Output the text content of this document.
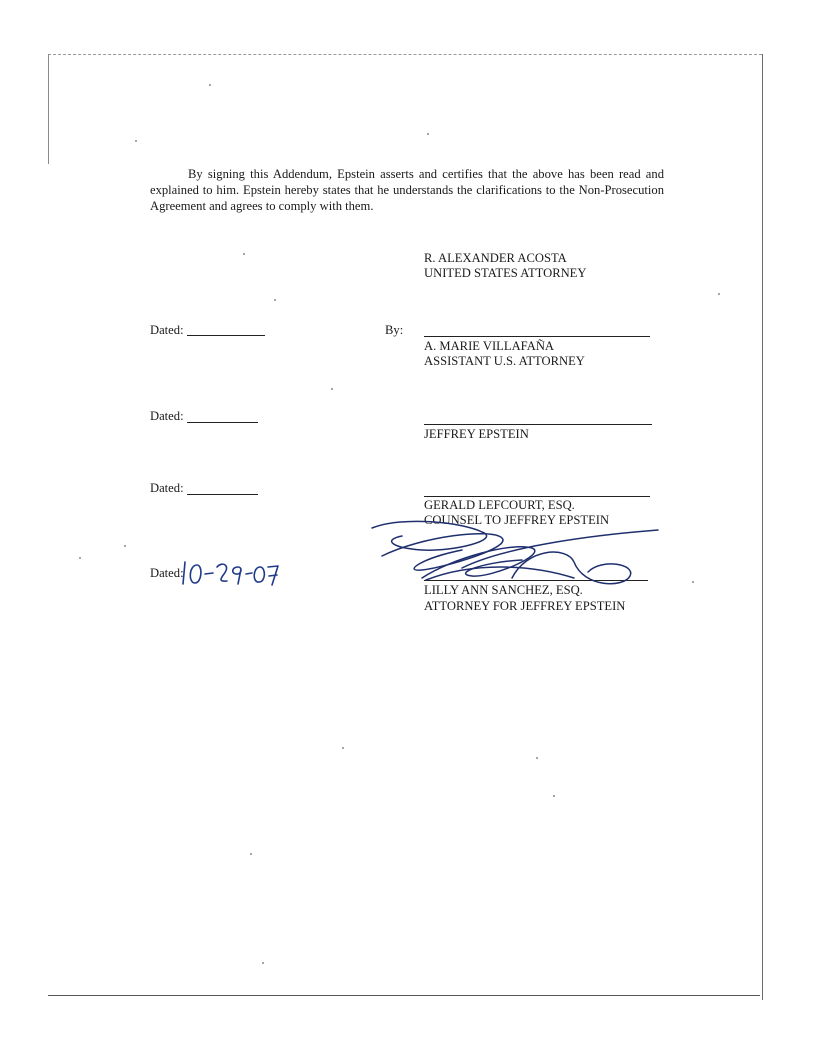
By signing this Addendum, Epstein asserts and certifies that the above has been read and explained to him. Epstein hereby states that he understands the clarifications to the Non-Prosecution Agreement and agrees to comply with them.

R. ALEXANDER ACOSTA
UNITED STATES ATTORNEY
Dated:	By:
A. MARIE VILLAFAÑA
ASSISTANT U.S. ATTORNEY
Dated:
JEFFREY EPSTEIN
Dated:
GERALD LEFCOURT, ESQ.
COUNSEL TO JEFFREY EPSTEIN
Dated:
LILLY ANN SANCHEZ, ESQ.
ATTORNEY FOR JEFFREY EPSTEIN
